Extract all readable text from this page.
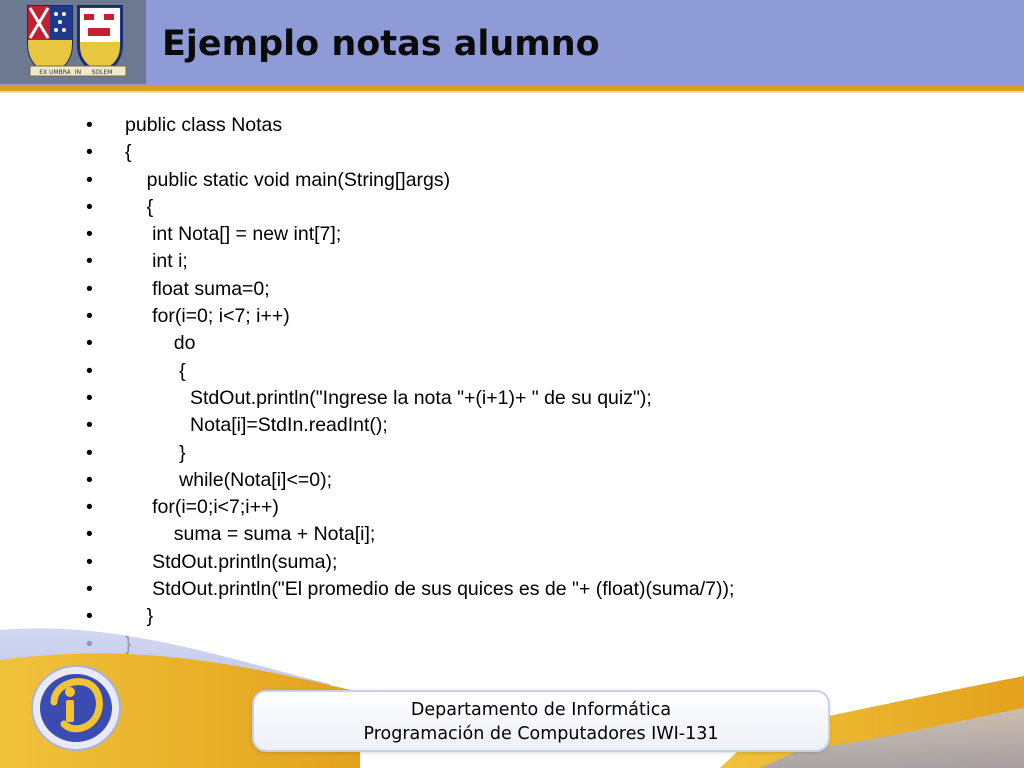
EX UMBRA IN SOLEM
Ejemplo notas alumno
• public class Notas
• {
• public static void main(String[]args)
• {
• int Nota[] = new int[7];
• int i;
• float suma=0;
• for(i=0; i<7; i++)
• do
• {
• StdOut.println("Ingrese la nota "+(i+1)+ " de su quiz");
• Nota[i]=StdIn.readInt();
• }
• while(Nota[i]<=0);
• for(i=0;i<7;i++)
• suma = suma + Nota[i];
• StdOut.println(suma);
• StdOut.println("El promedio de sus quices es de "+ (float)(suma/7));
• }
Departamento de Informática
Programación de Computadores IWI-131
